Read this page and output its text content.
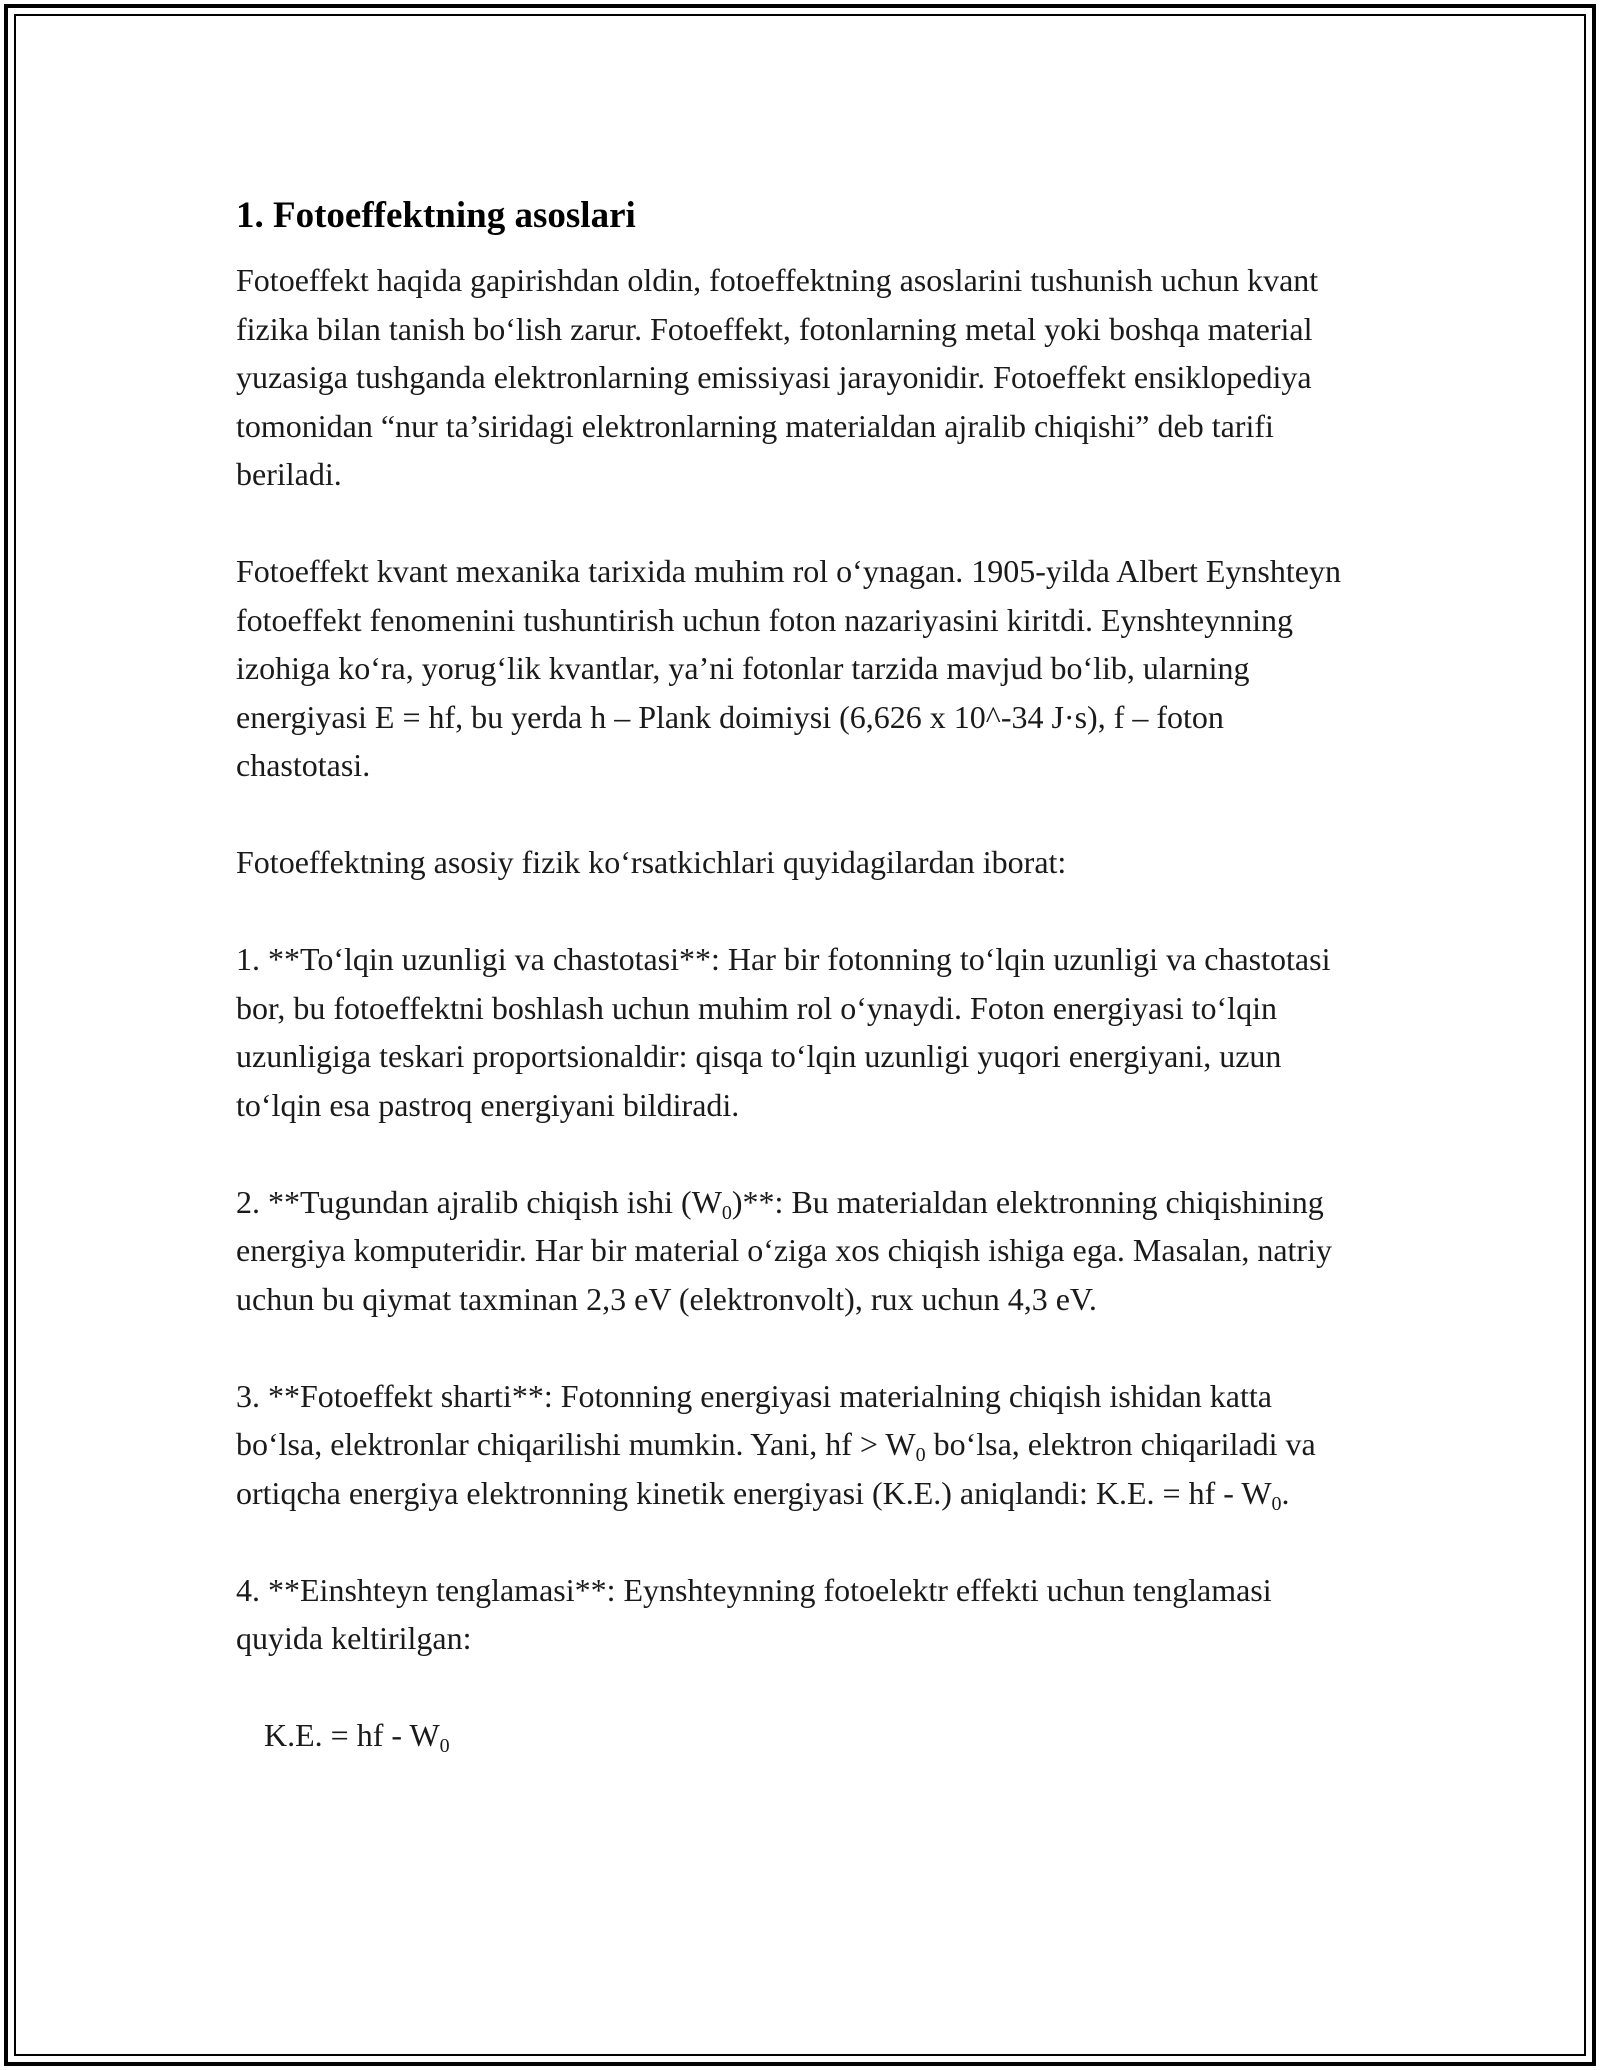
1. Fotoeffektning asoslari

Fotoeffekt haqida gapirishdan oldin, fotoeffektning asoslarini tushunish uchun kvant fizika bilan tanish bo‘lish zarur. Fotoeffekt, fotonlarning metal yoki boshqa material yuzasiga tushganda elektronlarning emissiyasi jarayonidir. Fotoeffekt ensiklopediya tomonidan “nur ta’siridagi elektronlarning materialdan ajralib chiqishi” deb tarifi beriladi.

Fotoeffekt kvant mexanika tarixida muhim rol o‘ynagan. 1905-yilda Albert Eynshteyn fotoeffekt fenomenini tushuntirish uchun foton nazariyasini kiritdi. Eynshteynning izohiga ko‘ra, yorug‘lik kvantlar, ya’ni fotonlar tarzida mavjud bo‘lib, ularning energiyasi E = hf, bu yerda h – Plank doimiysi (6,626 x 10^-34 J·s), f – foton chastotasi.

Fotoeffektning asosiy fizik ko‘rsatkichlari quyidagilardan iborat:

1. **To‘lqin uzunligi va chastotasi**: Har bir fotonning to‘lqin uzunligi va chastotasi bor, bu fotoeffektni boshlash uchun muhim rol o‘ynaydi. Foton energiyasi to‘lqin uzunligiga teskari proportsionaldir: qisqa to‘lqin uzunligi yuqori energiyani, uzun to‘lqin esa pastroq energiyani bildiradi.

2. **Tugundan ajralib chiqish ishi $(W_0)**$: Bu materialdan elektronning chiqishining energiya komputeridir. Har bir material o‘ziga xos chiqish ishiga ega. Masalan, natriy uchun bu qiymat taxminan 2,3 eV (elektronvolt), rux uchun 4,3 eV.

3. **Fotoeffekt sharti**: Fotonning energiyasi materialning chiqish ishidan katta bo‘lsa, elektronlar chiqarilishi mumkin. Yani, hf > $W_0$ bo‘lsa, elektron chiqariladi va ortiqcha energiya elektronning kinetik energiyasi (K.E.) aniqlandi: K.E. = hf - $W_0$.

4. **Einshteyn tenglamasi**: Eynshteynning fotoelektr effekti uchun tenglamasi quyida keltirilgan:

K.E. = hf - $W_0$
